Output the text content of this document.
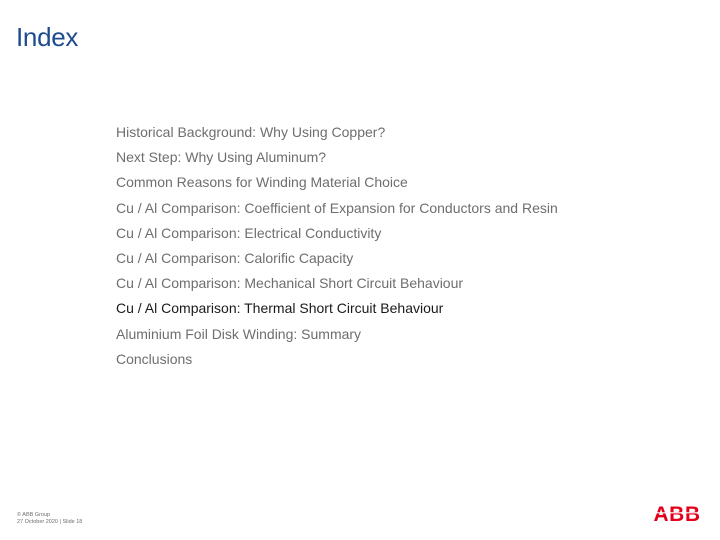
Index
Historical Background: Why Using Copper?
Next Step: Why Using Aluminum?
Common Reasons for Winding Material Choice
Cu / Al Comparison: Coefficient of Expansion for Conductors and Resin
Cu / Al Comparison: Electrical Conductivity
Cu / Al Comparison: Calorific Capacity
Cu / Al Comparison: Mechanical Short Circuit Behaviour
Cu / Al Comparison: Thermal Short Circuit Behaviour
Aluminium Foil Disk Winding: Summary
Conclusions
© ABB Group
27 October 2020 | Slide 18	ABB
